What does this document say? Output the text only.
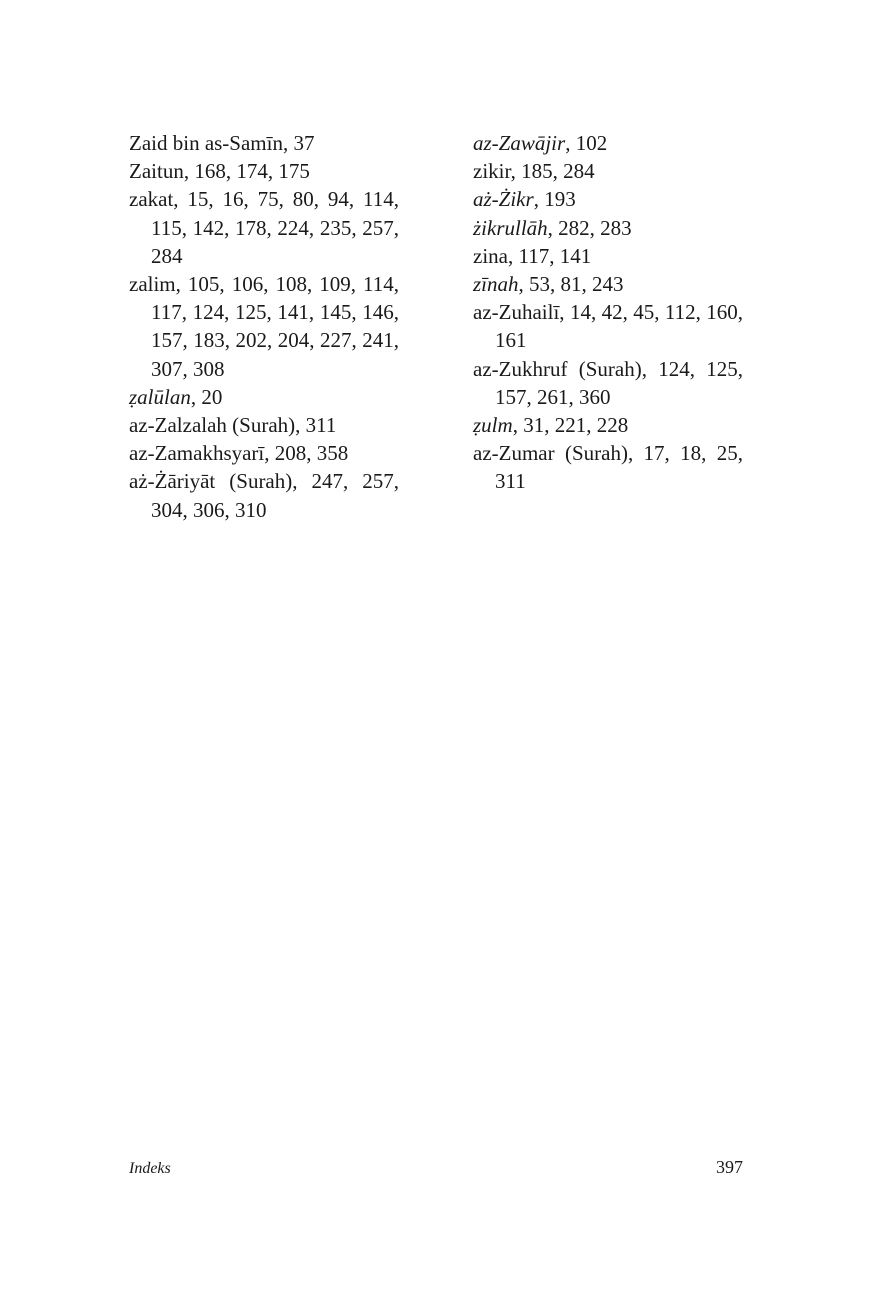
Zaid bin as-Samīn, 37
Zaitun, 168, 174, 175
zakat, 15, 16, 75, 80, 94, 114, 115, 142, 178, 224, 235, 257, 284
zalim, 105, 106, 108, 109, 114, 117, 124, 125, 141, 145, 146, 157, 183, 202, 204, 227, 241, 307, 308
ẓalūlan, 20
az-Zalzalah (Surah), 311
az-Zamakhsyarī, 208, 358
aż-Żāriyāt (Surah), 247, 257, 304, 306, 310
az-Zawājir, 102
zikir, 185, 284
aż-Żikr, 193
żikrullāh, 282, 283
zina, 117, 141
zīnah, 53, 81, 243
az-Zuhailī, 14, 42, 45, 112, 160, 161
az-Zukhruf (Surah), 124, 125, 157, 261, 360
ẓulm, 31, 221, 228
az-Zumar (Surah), 17, 18, 25, 311
Indeks	397
